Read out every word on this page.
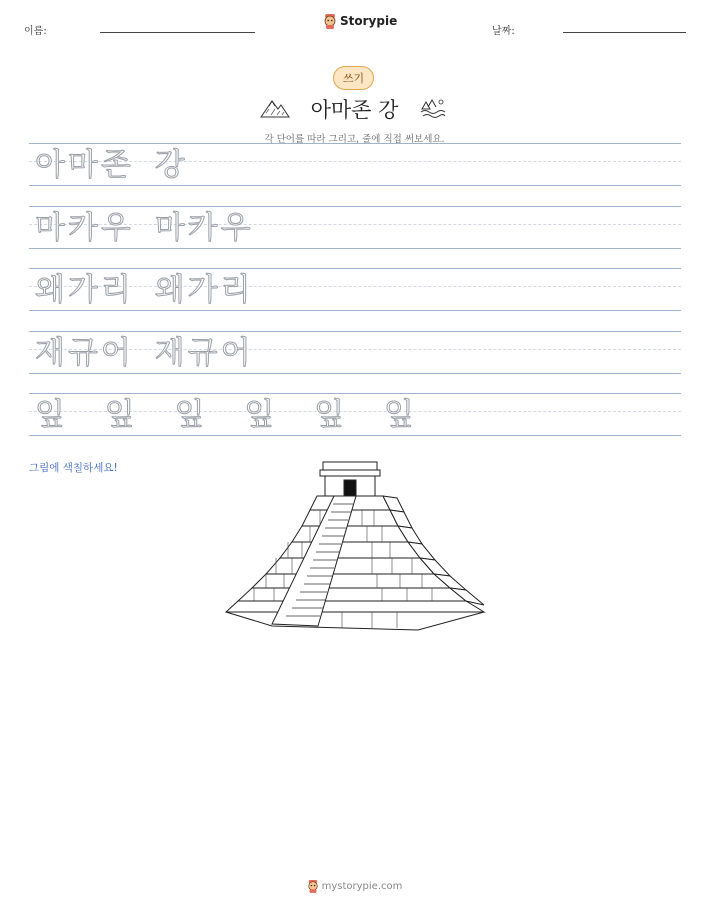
이름:
Storypie
날짜:
쓰기
아마존 강
각 단어를 따라 그리고, 줄에 직접 써보세요.
아마존 강
마카우 마카우
왜가리 왜가리
재규어 재규어
잎 잎 잎 잎 잎 잎
그림에 색칠하세요!
mystorypie.com
